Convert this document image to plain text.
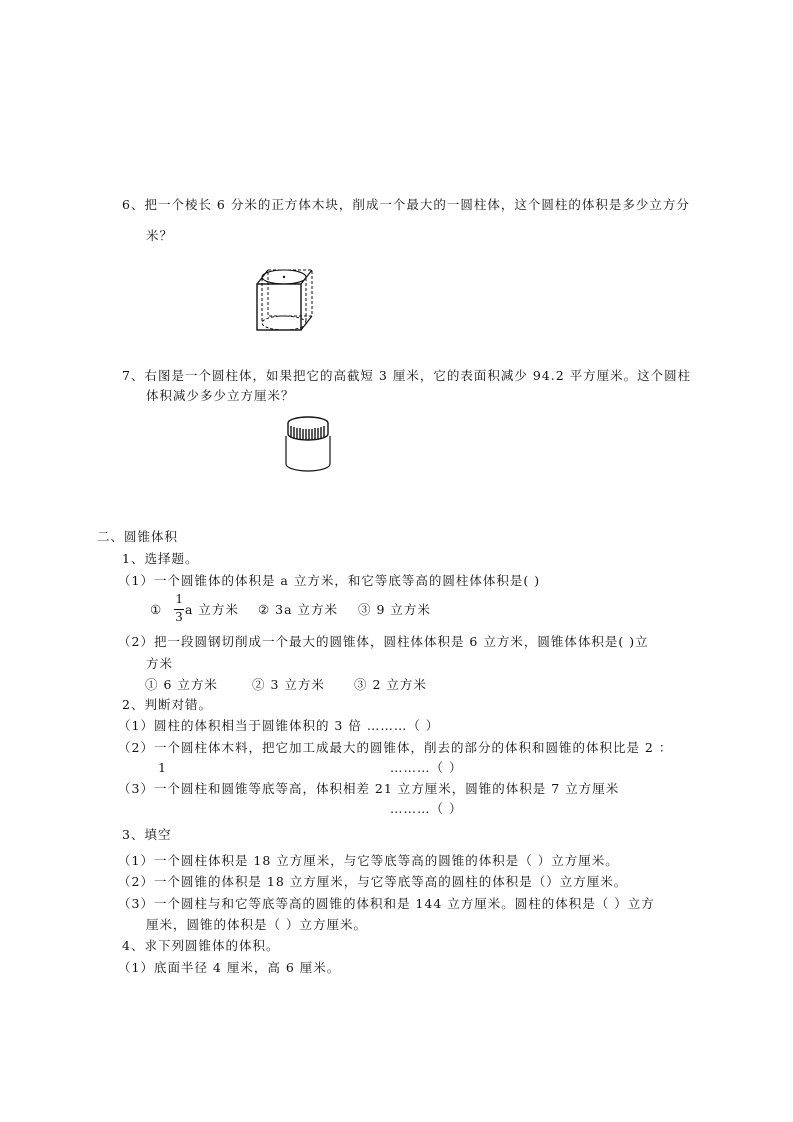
6、把一个棱长 6 分米的正方体木块，削成一个最大的一圆柱体，这个圆柱的体积是多少立方分
米？
7、右图是一个圆柱体，如果把它的高截短 3 厘米，它的表面积减少 94.2 平方厘米。这个圆柱
体积减少多少立方厘米？
二、圆锥体积
1、选择题。
（1）一个圆锥体的体积是 a 立方米，和它等底等高的圆柱体体积是( )
①
1
3
a 立方米 ② 3a 立方米 ③ 9 立方米
（2）把一段圆钢切削成一个最大的圆锥体，圆柱体体积是 6 立方米，圆锥体体积是( )立
方米
① 6 立方米	② 3 立方米 ③ 2 立方米
2、判断对错。
（1）圆柱的体积相当于圆锥体积的 3 倍 ………（ ）
（2）一个圆柱体木料，把它加工成最大的圆锥体，削去的部分的体积和圆锥的体积比是 2 ：
1	………（ ）
（3）一个圆柱和圆锥等底等高，体积相差 21 立方厘米，圆锥的体积是 7 立方厘米
………（ ）
3、填空
（1）一个圆柱体积是 18 立方厘米，与它等底等高的圆锥的体积是（ ）立方厘米。
（2）一个圆锥的体积是 18 立方厘米，与它等底等高的圆柱的体积是（）立方厘米。
（3）一个圆柱与和它等底等高的圆锥的体积和是 144 立方厘米。圆柱的体积是（ ）立方
厘米，圆锥的体积是（ ）立方厘米。
4、求下列圆锥体的体积。
（1）底面半径 4 厘米，高 6 厘米。
